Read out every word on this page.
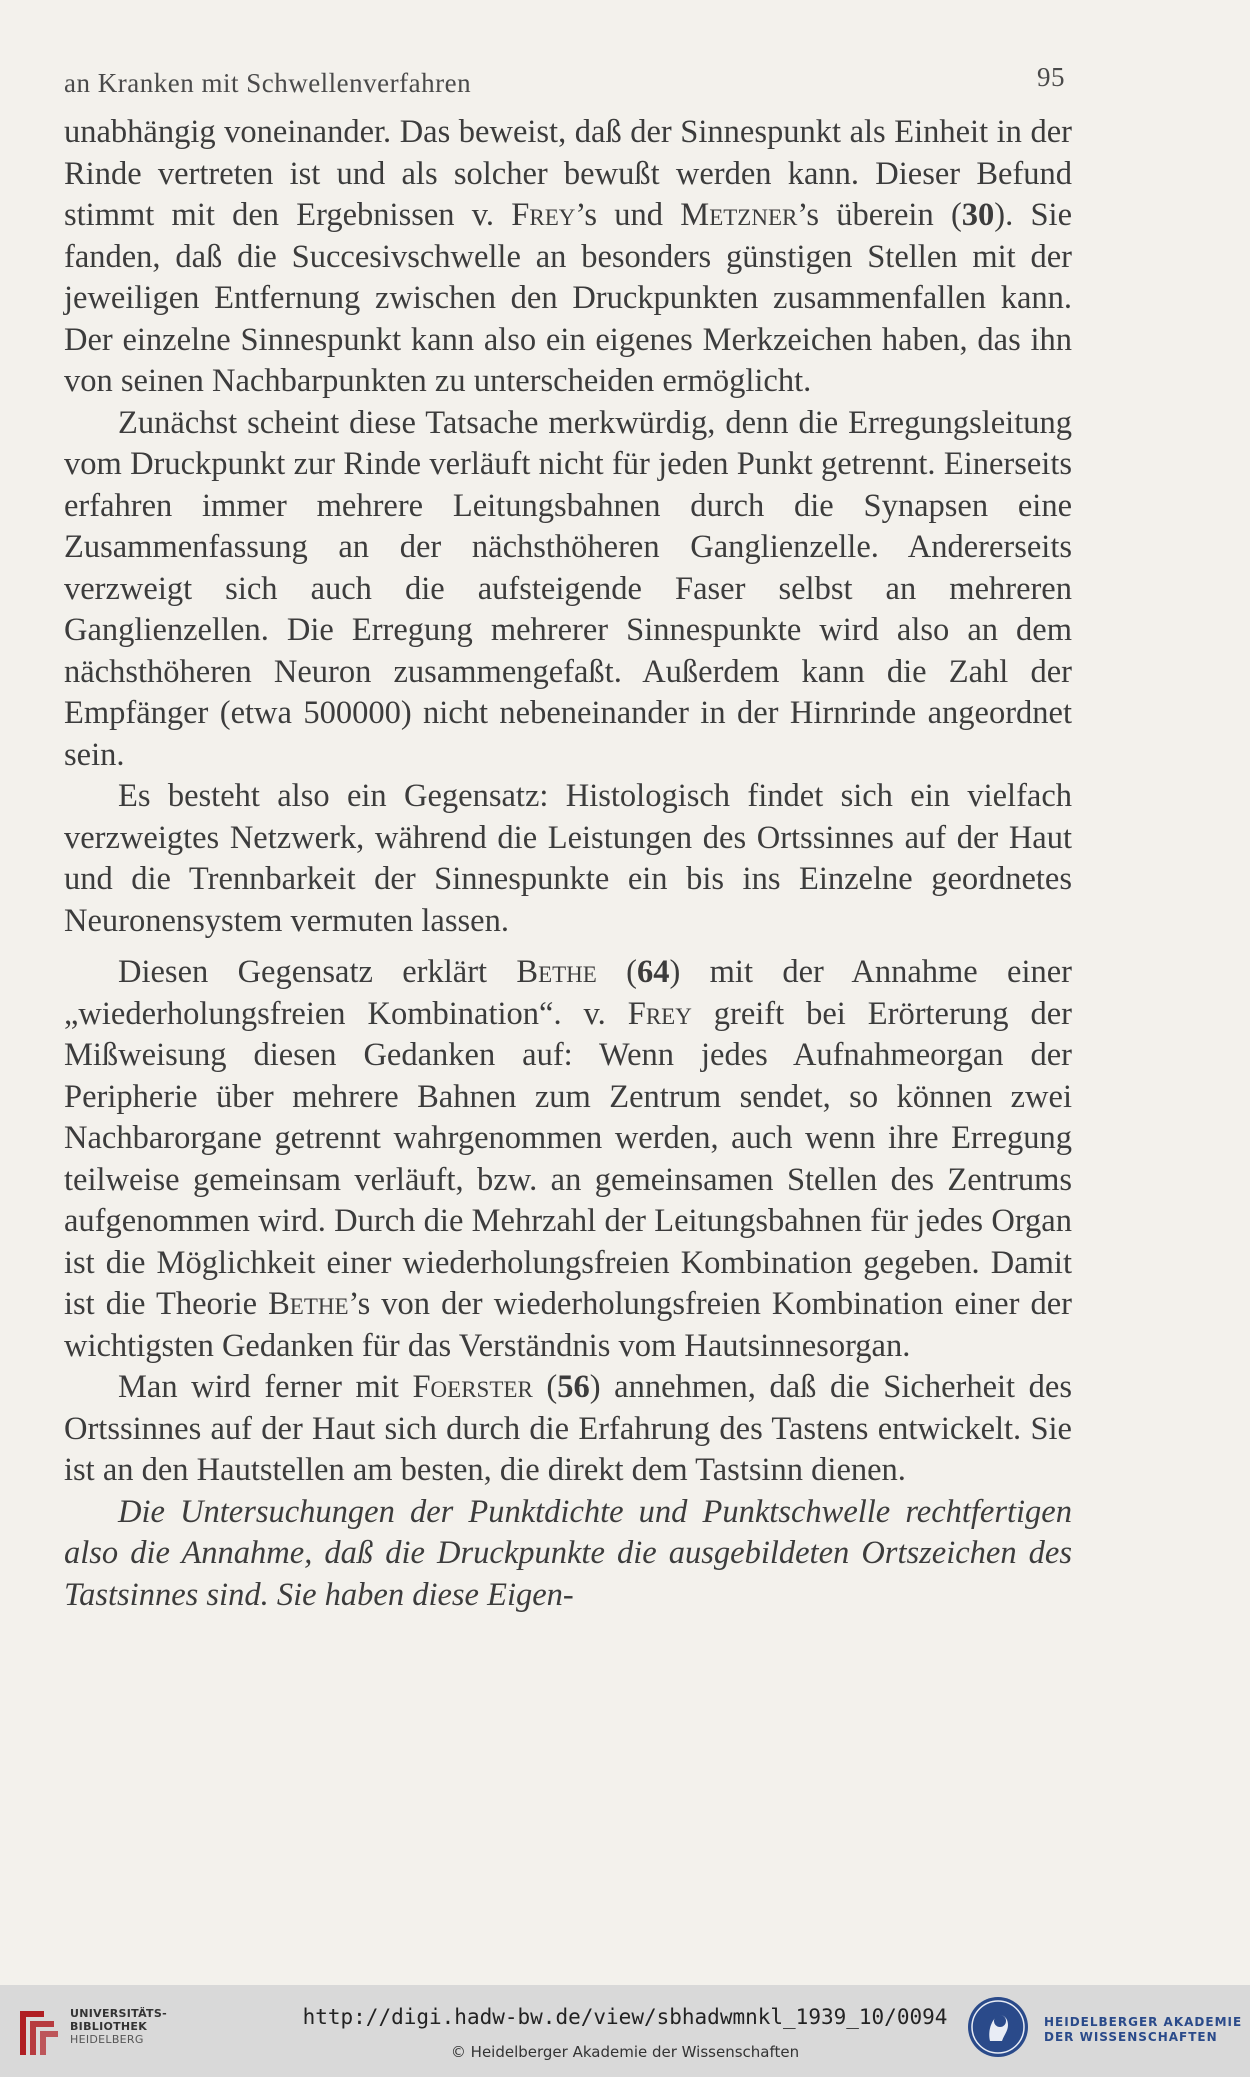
an Kranken mit Schwellenverfahren	95

unabhängig voneinander. Das beweist, daß der Sinnespunkt als Einheit in der Rinde vertreten ist und als solcher bewußt werden kann. Dieser Befund stimmt mit den Ergebnissen v. Frey’s und Metzner’s überein (30). Sie fanden, daß die Succesivschwelle an besonders günstigen Stellen mit der jeweiligen Entfernung zwischen den Druckpunkten zusammenfallen kann. Der einzelne Sinnespunkt kann also ein eigenes Merkzeichen haben, das ihn von seinen Nachbarpunkten zu unterscheiden ermöglicht.

Zunächst scheint diese Tatsache merkwürdig, denn die Erregungsleitung vom Druckpunkt zur Rinde verläuft nicht für jeden Punkt getrennt. Einerseits erfahren immer mehrere Leitungsbahnen durch die Synapsen eine Zusammenfassung an der nächsthöheren Ganglienzelle. Andererseits verzweigt sich auch die aufsteigende Faser selbst an mehreren Ganglienzellen. Die Erregung mehrerer Sinnespunkte wird also an dem nächsthöheren Neuron zusammengefaßt. Außerdem kann die Zahl der Empfänger (etwa 500000) nicht nebeneinander in der Hirnrinde angeordnet sein.

Es besteht also ein Gegensatz: Histologisch findet sich ein vielfach verzweigtes Netzwerk, während die Leistungen des Ortssinnes auf der Haut und die Trennbarkeit der Sinnespunkte ein bis ins Einzelne geordnetes Neuronensystem vermuten lassen.

Diesen Gegensatz erklärt Bethe (64) mit der Annahme einer „wiederholungsfreien Kombination“. v. Frey greift bei Erörterung der Mißweisung diesen Gedanken auf: Wenn jedes Aufnahmeorgan der Peripherie über mehrere Bahnen zum Zentrum sendet, so können zwei Nachbarorgane getrennt wahrgenommen werden, auch wenn ihre Erregung teilweise gemeinsam verläuft, bzw. an gemeinsamen Stellen des Zentrums aufgenommen wird. Durch die Mehrzahl der Leitungsbahnen für jedes Organ ist die Möglichkeit einer wiederholungsfreien Kombination gegeben. Damit ist die Theorie Bethe’s von der wiederholungsfreien Kombination einer der wichtigsten Gedanken für das Verständnis vom Hautsinnesorgan.

Man wird ferner mit Foerster (56) annehmen, daß die Sicherheit des Ortssinnes auf der Haut sich durch die Erfahrung des Tastens entwickelt. Sie ist an den Hautstellen am besten, die direkt dem Tastsinn dienen.

Die Untersuchungen der Punktdichte und Punktschwelle rechtfertigen also die Annahme, daß die Druckpunkte die ausgebildeten Ortszeichen des Tastsinnes sind. Sie haben diese Eigen-

UNIVERSITÄTS-
BIBLIOTHEK
HEIDELBERG
http://digi.hadw-bw.de/view/sbhadwmnkl_1939_10/0094
© Heidelberger Akademie der Wissenschaften
HEIDELBERGER AKADEMIE
DER WISSENSCHAFTEN
